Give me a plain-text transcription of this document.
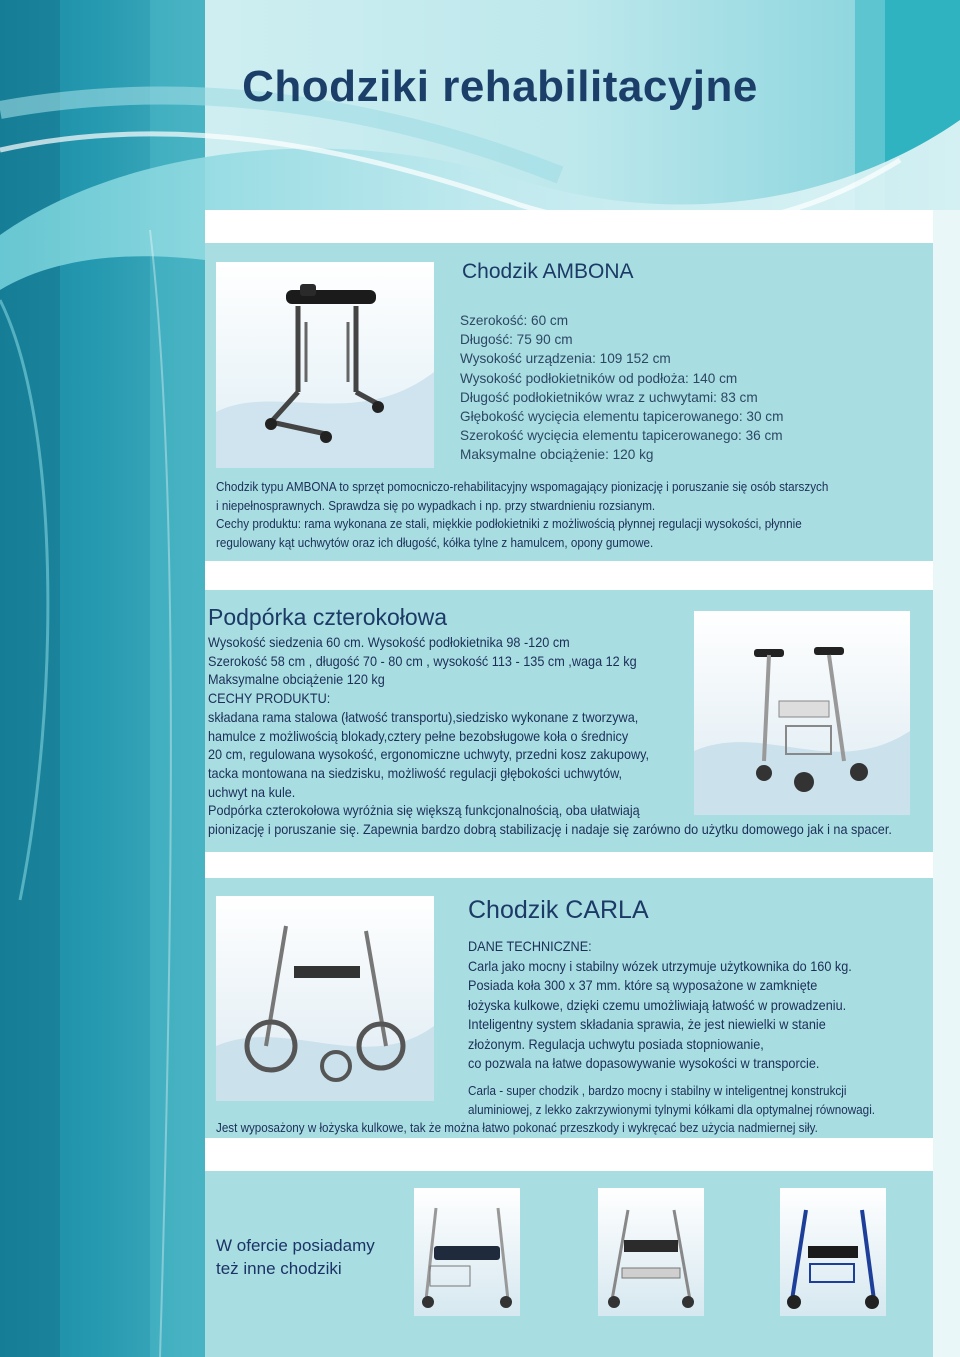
Chodziki rehabilitacyjne
Chodzik AMBONA
Szerokość: 60 cm
Długość: 75 90 cm
Wysokość urządzenia: 109 152 cm
Wysokość podłokietników od podłoża: 140 cm
Długość podłokietników wraz z uchwytami: 83 cm
Głębokość wycięcia elementu tapicerowanego: 30 cm
Szerokość wycięcia elementu tapicerowanego: 36 cm
Maksymalne obciążenie: 120 kg
Chodzik typu AMBONA to sprzęt pomocniczo-rehabilitacyjny wspomagający pionizację i poruszanie się osób starszych
i niepełnosprawnych. Sprawdza się po wypadkach i np. przy stwardnieniu rozsianym.
Cechy produktu: rama wykonana ze stali, miękkie podłokietniki z możliwością płynnej regulacji wysokości, płynnie
regulowany kąt uchwytów oraz ich długość, kółka tylne z hamulcem, opony gumowe.
Podpórka czterokołowa
Wysokość siedzenia 60 cm. Wysokość podłokietnika 98 -120 cm
Szerokość 58 cm , długość 70 - 80 cm , wysokość 113 - 135 cm ,waga 12 kg
Maksymalne obciążenie 120 kg
CECHY PRODUKTU:
składana rama stalowa (łatwość transportu),siedzisko wykonane z tworzywa,
hamulce z możliwością blokady,cztery pełne bezobsługowe koła o średnicy
20 cm, regulowana wysokość, ergonomiczne uchwyty, przedni kosz zakupowy,
tacka montowana na siedzisku, możliwość regulacji głębokości uchwytów,
uchwyt na kule.
Podpórka czterokołowa wyróżnia się większą funkcjonalnością, oba ułatwiają
pionizację i poruszanie się. Zapewnia bardzo dobrą stabilizację i nadaje się zarówno do użytku domowego jak i na spacer.
Chodzik CARLA
DANE TECHNICZNE:
Carla jako mocny i stabilny wózek utrzymuje użytkownika do 160 kg.
Posiada koła 300 x 37 mm. które są wyposażone w zamknięte
łożyska kulkowe, dzięki czemu umożliwiają łatwość w prowadzeniu.
Inteligentny system składania sprawia, że jest niewielki w stanie
złożonym. Regulacja uchwytu posiada stopniowanie,
co pozwala na łatwe dopasowywanie wysokości w transporcie.
Carla - super chodzik , bardzo mocny i stabilny w inteligentnej konstrukcji
aluminiowej, z lekko zakrzywionymi tylnymi kółkami dla optymalnej równowagi.
Jest wyposażony w łożyska kulkowe, tak że można łatwo pokonać przeszkody i wykręcać bez użycia nadmiernej siły.
W ofercie posiadamy
też inne chodziki
